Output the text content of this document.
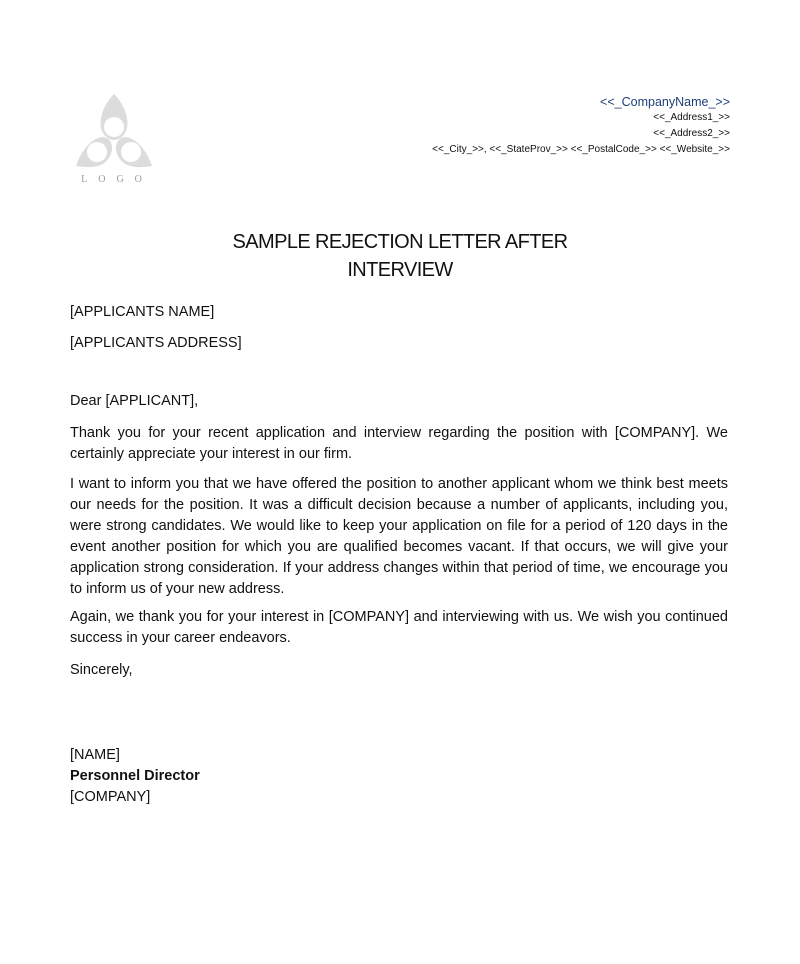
LOGO
<<_CompanyName_>>
<<_Address1_>>
<<_Address2_>>
<<_City_>>, <<_StateProv_>> <<_PostalCode_>> <<_Website_>>
SAMPLE REJECTION LETTER AFTER
INTERVIEW
[APPLICANTS NAME]
[APPLICANTS ADDRESS]
Dear [APPLICANT],
Thank you for your recent application and interview regarding the position with [COMPANY]. We certainly appreciate your interest in our firm.
I want to inform you that we have offered the position to another applicant whom we think best meets our needs for the position. It was a difficult decision because a number of applicants, including you, were strong candidates. We would like to keep your application on file for a period of 120 days in the event another position for which you are qualified becomes vacant. If that occurs, we will give your application strong consideration. If your address changes within that period of time, we encourage you to inform us of your new address.
Again, we thank you for your interest in [COMPANY] and interviewing with us. We wish you continued success in your career endeavors.
Sincerely,
[NAME]
Personnel Director
[COMPANY]
